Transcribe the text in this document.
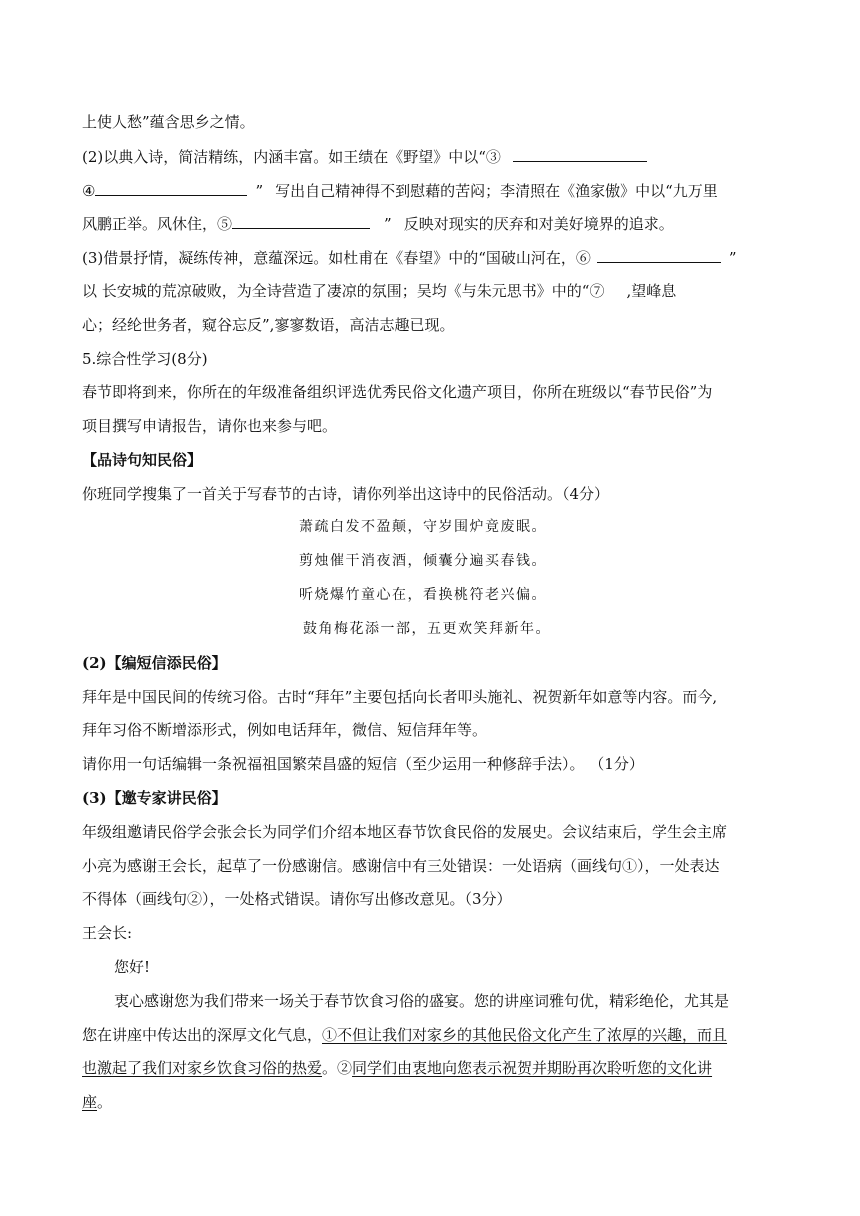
上使人愁”蕴含思乡之情。
(2)以典入诗，简洁精练，内涵丰富。如王绩在《野望》中以“③
④	” 写出自己精神得不到慰藉的苦闷；李清照在《渔家傲》中以“九万里
风鹏正举。风休住，⑤	” 反映对现实的厌弃和对美好境界的追求。
(3)借景抒情，凝练传神，意蕴深远。如杜甫在《春望》中的“国破山河在，⑥	”
以 长安城的荒凉破败，为全诗营造了凄凉的氛围；吴均《与朱元思书》中的“⑦ ,望峰息
心；经纶世务者，窥谷忘反”,寥寥数语，高洁志趣已现。
5.综合性学习(8分)
春节即将到来，你所在的年级准备组织评选优秀民俗文化遗产项目，你所在班级以“春节民俗”为
项目撰写申请报告，请你也来参与吧。
【品诗句知民俗】
你班同学搜集了一首关于写春节的古诗，请你列举出这诗中的民俗活动。（4分）
萧疏白发不盈颠，守岁围炉竟废眠。
剪烛催干消夜酒，倾囊分遍买春钱。
听烧爆竹童心在，看换桃符老兴偏。
鼓角梅花添一部，五更欢笑拜新年。
(2)【编短信添民俗】
拜年是中国民间的传统习俗。古时“拜年”主要包括向长者叩头施礼、祝贺新年如意等内容。而今,
拜年习俗不断增添形式，例如电话拜年，微信、短信拜年等。
请你用一句话编辑一条祝福祖国繁荣昌盛的短信（至少运用一种修辞手法）。 （1分）
(3)【邀专家讲民俗】
年级组邀请民俗学会张会长为同学们介绍本地区春节饮食民俗的发展史。会议结束后，学生会主席
小亮为感谢王会长，起草了一份感谢信。感谢信中有三处错误：一处语病（画线句①），一处表达
不得体（画线句②），一处格式错误。请你写出修改意见。（3分）
王会长:
您好!
衷心感谢您为我们带来一场关于春节饮食习俗的盛宴。您的讲座词雅句优，精彩绝伦，尤其是
您在讲座中传达出的深厚文化气息，①不但让我们对家乡的其他民俗文化产生了浓厚的兴趣，而且
也激起了我们对家乡饮食习俗的热爱。②同学们由衷地向您表示祝贺并期盼再次聆听您的文化讲
座。
